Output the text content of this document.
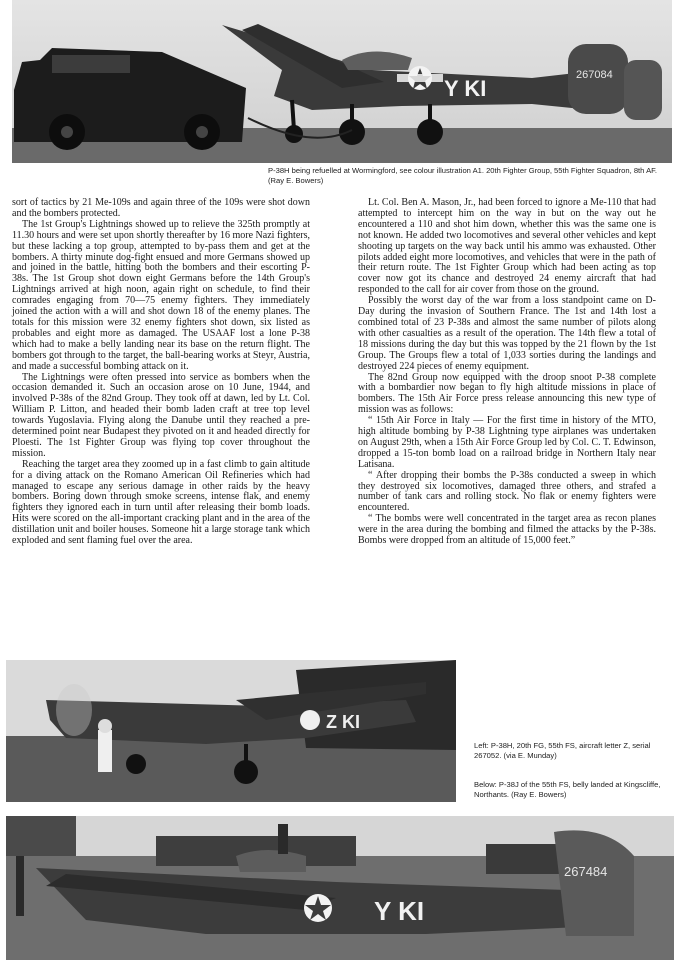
Y KI
267084
P-38H being refuelled at Wormingford, see colour illustration A1. 20th Fighter Group, 55th Fighter Squadron, 8th AF. (Ray E. Bowers)

sort of tactics by 21 Me-109s and again three of the 109s were shot down and the bombers protected.

The 1st Group's Lightnings showed up to relieve the 325th promptly at 11.30 hours and were set upon shortly thereafter by 16 more Nazi fighters, but these lacking a top group, attempted to by-pass them and get at the bombers. A thirty minute dog-fight ensued and more Germans showed up and joined in the battle, hitting both the bombers and their escorting P-38s. The 1st Group shot down eight Germans before the 14th Group's Lightnings arrived at high noon, again right on schedule, to find their comrades engaging from 70—75 enemy fighters. They immediately joined the action with a will and shot down 18 of the enemy planes. The totals for this mission were 32 enemy fighters shot down, six listed as probables and eight more as damaged. The USAAF lost a lone P-38 which had to make a belly landing near its base on the return flight. The bombers got through to the target, the ball-bearing works at Steyr, Austria, and made a successful bombing attack on it.

The Lightnings were often pressed into service as bombers when the occasion demanded it. Such an occasion arose on 10 June, 1944, and involved P-38s of the 82nd Group. They took off at dawn, led by Lt. Col. William P. Litton, and headed their bomb laden craft at tree top level towards Yugoslavia. Flying along the Danube until they reached a pre-determined point near Budapest they pivoted on it and headed directly for Ploesti. The 1st Fighter Group was flying top cover throughout the mission.

Reaching the target area they zoomed up in a fast climb to gain altitude for a diving attack on the Romano American Oil Refineries which had managed to escape any serious damage in other raids by the heavy bombers. Boring down through smoke screens, intense flak, and enemy fighters they ignored each in turn until after releasing their bomb loads. Hits were scored on the all-important cracking plant and in the area of the distillation unit and boiler houses. Someone hit a large storage tank which exploded and sent flaming fuel over the area.

Lt. Col. Ben A. Mason, Jr., had been forced to ignore a Me-110 that had attempted to intercept him on the way in but on the way out he encountered a 110 and shot him down, whether this was the same one is not known. He added two locomotives and several other vehicles and kept shooting up targets on the way back until his ammo was exhausted. Other pilots added eight more locomotives, and vehicles that were in the path of their return route. The 1st Fighter Group which had been acting as top cover now got its chance and destroyed 24 enemy aircraft that had responded to the call for air cover from those on the ground.

Possibly the worst day of the war from a loss standpoint came on D-Day during the invasion of Southern France. The 1st and 14th lost a combined total of 23 P-38s and almost the same number of pilots along with other casualties as a result of the operation. The 14th flew a total of 18 missions during the day but this was topped by the 21 flown by the 1st Group. The Groups flew a total of 1,033 sorties during the landings and destroyed 224 pieces of enemy equipment.

The 82nd Group now equipped with the droop snoot P-38 complete with a bombardier now began to fly high altitude missions in place of bombers. The 15th Air Force press release announcing this new type of mission was as follows:

“ 15th Air Force in Italy — For the first time in history of the MTO, high altitude bombing by P-38 Lightning type airplanes was undertaken on August 29th, when a 15th Air Force Group led by Col. C. T. Edwinson, dropped a 15-ton bomb load on a railroad bridge in Northern Italy near Latisana.

“ After dropping their bombs the P-38s conducted a sweep in which they destroyed six locomotives, damaged three others, and strafed a number of tank cars and rolling stock. No flak or enemy fighters were encountered.

“ The bombs were well concentrated in the target area as recon planes were in the area during the bombing and filmed the attacks by the P-38s. Bombs were dropped from an altitude of 15,000 feet.”

Z KI
Left: P-38H, 20th FG, 55th FS, aircraft letter Z, serial 267052. (via E. Munday)
Below: P-38J of the 55th FS, belly landed at Kingscliffe, Northants. (Ray E. Bowers)
Y KI
267484
